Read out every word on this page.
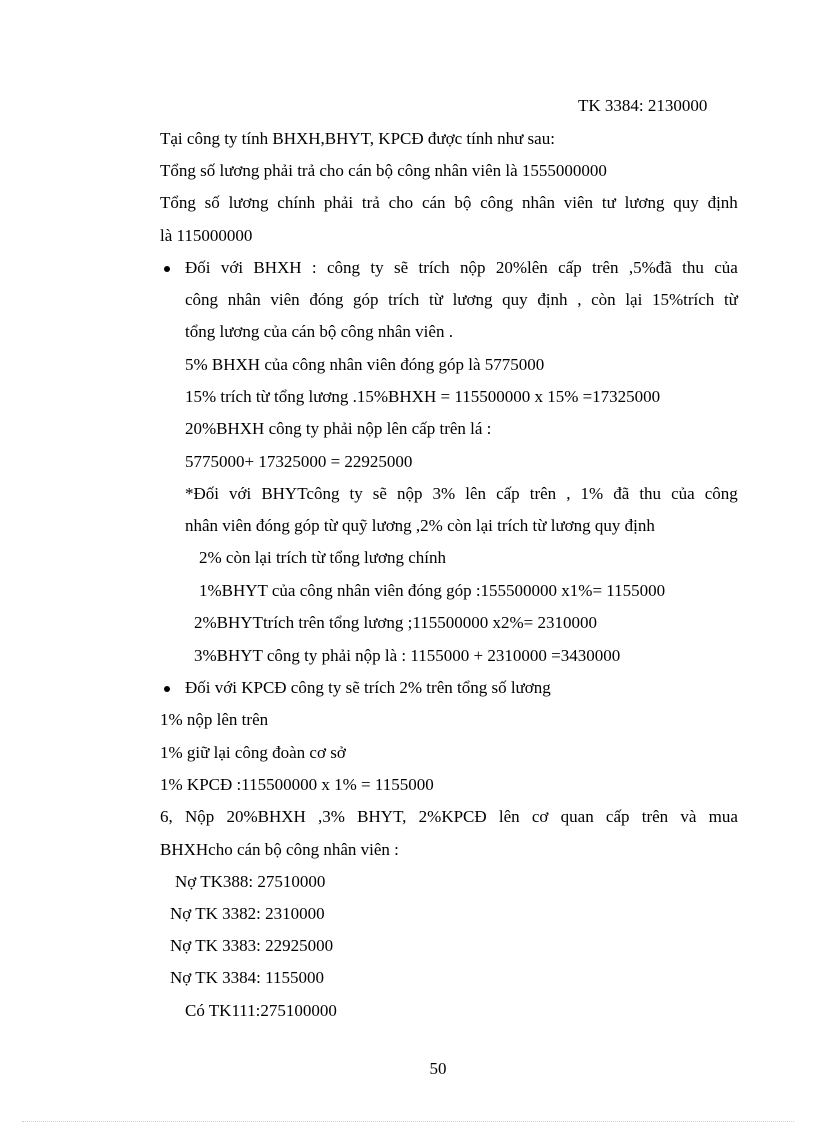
TK 3384: 2130000
Tại công ty tính BHXH,BHYT, KPCĐ được tính như sau:
Tổng số lương phải trả cho cán bộ công nhân viên là 1555000000
Tổng số lương chính phải trả cho cán bộ công nhân viên tư lương quy định
là 115000000
Đối với BHXH : công ty sẽ trích nộp 20%lên cấp trên ,5%đã thu của
công nhân viên đóng góp trích từ lương quy định , còn lại 15%trích từ
tổng lương của cán bộ công nhân viên .
5% BHXH của công nhân viên đóng góp là 5775000
15% trích từ tổng lương .15%BHXH = 115500000 x 15% =17325000
20%BHXH công ty phải nộp lên cấp trên lá :
5775000+ 17325000 = 22925000
*Đối với BHYTcông ty sẽ nộp 3% lên cấp trên , 1% đã thu của công
nhân viên đóng góp từ quỹ lương ,2% còn lại trích từ lương quy định
2% còn lại trích từ tổng lương chính
1%BHYT của công nhân viên đóng góp :155500000 x1%= 1155000
2%BHYTtrích trên tổng lương ;115500000 x2%= 2310000
3%BHYT công ty phải nộp là : 1155000 + 2310000 =3430000
Đối với KPCĐ công ty sẽ trích 2% trên tổng số lương
1% nộp lên trên
1% giữ lại công đoàn cơ sở
1% KPCĐ :115500000 x 1% = 1155000
6, Nộp 20%BHXH ,3% BHYT, 2%KPCĐ lên cơ quan cấp trên và mua
BHXHcho cán bộ công nhân viên :
Nợ TK388: 27510000
Nợ TK 3382: 2310000
Nợ TK 3383: 22925000
Nợ TK 3384: 1155000
Có TK111:275100000
50
